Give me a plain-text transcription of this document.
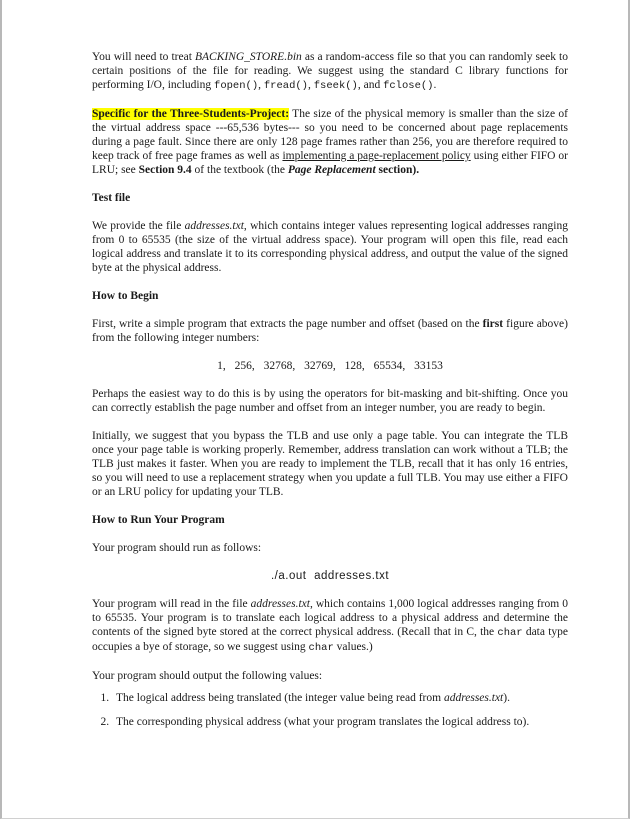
You will need to treat BACKING_STORE.bin as a random-access file so that you can randomly seek to certain positions of the file for reading. We suggest using the standard C library functions for performing I/O, including fopen(), fread(), fseek(), and fclose().

Specific for the Three-Students-Project: The size of the physical memory is smaller than the size of the virtual address space ---65,536 bytes--- so you need to be concerned about page replacements during a page fault. Since there are only 128 page frames rather than 256, you are therefore required to keep track of free page frames as well as implementing a page-replacement policy using either FIFO or LRU; see Section 9.4 of the textbook (the Page Replacement section).

Test file

We provide the file addresses.txt, which contains integer values representing logical addresses ranging from 0 to 65535 (the size of the virtual address space). Your program will open this file, read each logical address and translate it to its corresponding physical address, and output the value of the signed byte at the physical address.

How to Begin

First, write a simple program that extracts the page number and offset (based on the first figure above) from the following integer numbers:

1, 256, 32768, 32769, 128, 65534, 33153

Perhaps the easiest way to do this is by using the operators for bit-masking and bit-shifting. Once you can correctly establish the page number and offset from an integer number, you are ready to begin.

Initially, we suggest that you bypass the TLB and use only a page table. You can integrate the TLB once your page table is working properly. Remember, address translation can work without a TLB; the TLB just makes it faster. When you are ready to implement the TLB, recall that it has only 16 entries, so you will need to use a replacement strategy when you update a full TLB. You may use either a FIFO or an LRU policy for updating your TLB.

How to Run Your Program

Your program should run as follows:

./a.out addresses.txt

Your program will read in the file addresses.txt, which contains 1,000 logical addresses ranging from 0 to 65535. Your program is to translate each logical address to a physical address and determine the contents of the signed byte stored at the correct physical address. (Recall that in C, the char data type occupies a bye of storage, so we suggest using char values.)

Your program should output the following values:

1. The logical address being translated (the integer value being read from addresses.txt).
2. The corresponding physical address (what your program translates the logical address to).
